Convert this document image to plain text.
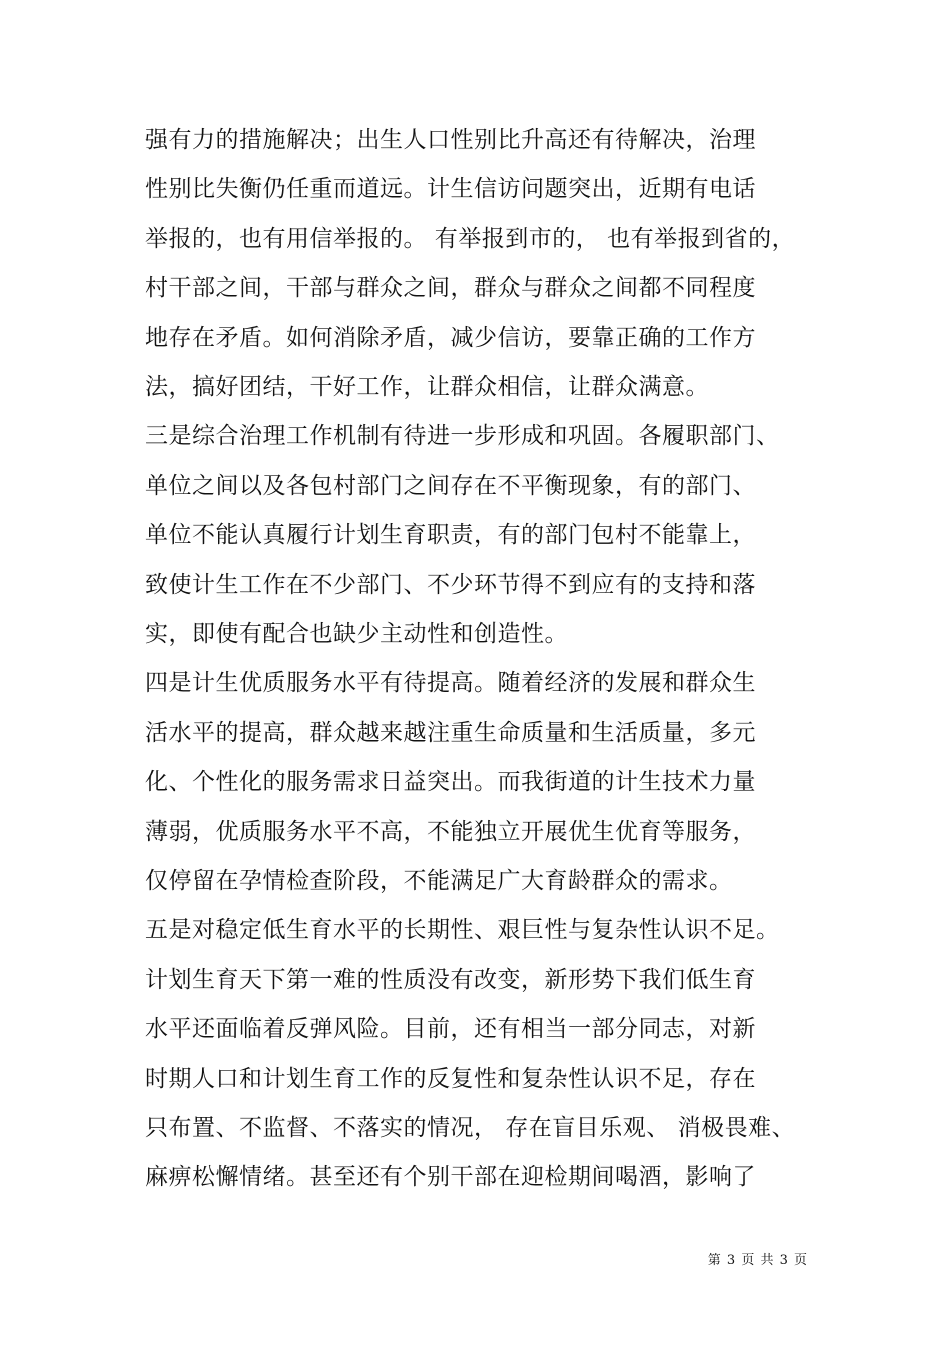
强有力的措施解决；出生人口性别比升高还有待解决，治理
性别比失衡仍任重而道远。计生信访问题突出，近期有电话
举报的，也有用信举报的。 有举报到市的， 也有举报到省的，
村干部之间，干部与群众之间，群众与群众之间都不同程度
地存在矛盾。如何消除矛盾，减少信访，要靠正确的工作方
法，搞好团结，干好工作，让群众相信，让群众满意。
三是综合治理工作机制有待进一步形成和巩固。各履职部门、
单位之间以及各包村部门之间存在不平衡现象，有的部门、
单位不能认真履行计划生育职责，有的部门包村不能靠上，
致使计生工作在不少部门、不少环节得不到应有的支持和落
实，即使有配合也缺少主动性和创造性。
四是计生优质服务水平有待提高。随着经济的发展和群众生
活水平的提高，群众越来越注重生命质量和生活质量，多元
化、个性化的服务需求日益突出。而我街道的计生技术力量
薄弱，优质服务水平不高，不能独立开展优生优育等服务，
仅停留在孕情检查阶段，不能满足广大育龄群众的需求。
五是对稳定低生育水平的长期性、艰巨性与复杂性认识不足。
计划生育天下第一难的性质没有改变，新形势下我们低生育
水平还面临着反弹风险。目前，还有相当一部分同志，对新
时期人口和计划生育工作的反复性和复杂性认识不足，存在
只布置、不监督、不落实的情况， 存在盲目乐观、 消极畏难、
麻痹松懈情绪。甚至还有个别干部在迎检期间喝酒，影响了
第 3 页 共 3 页
